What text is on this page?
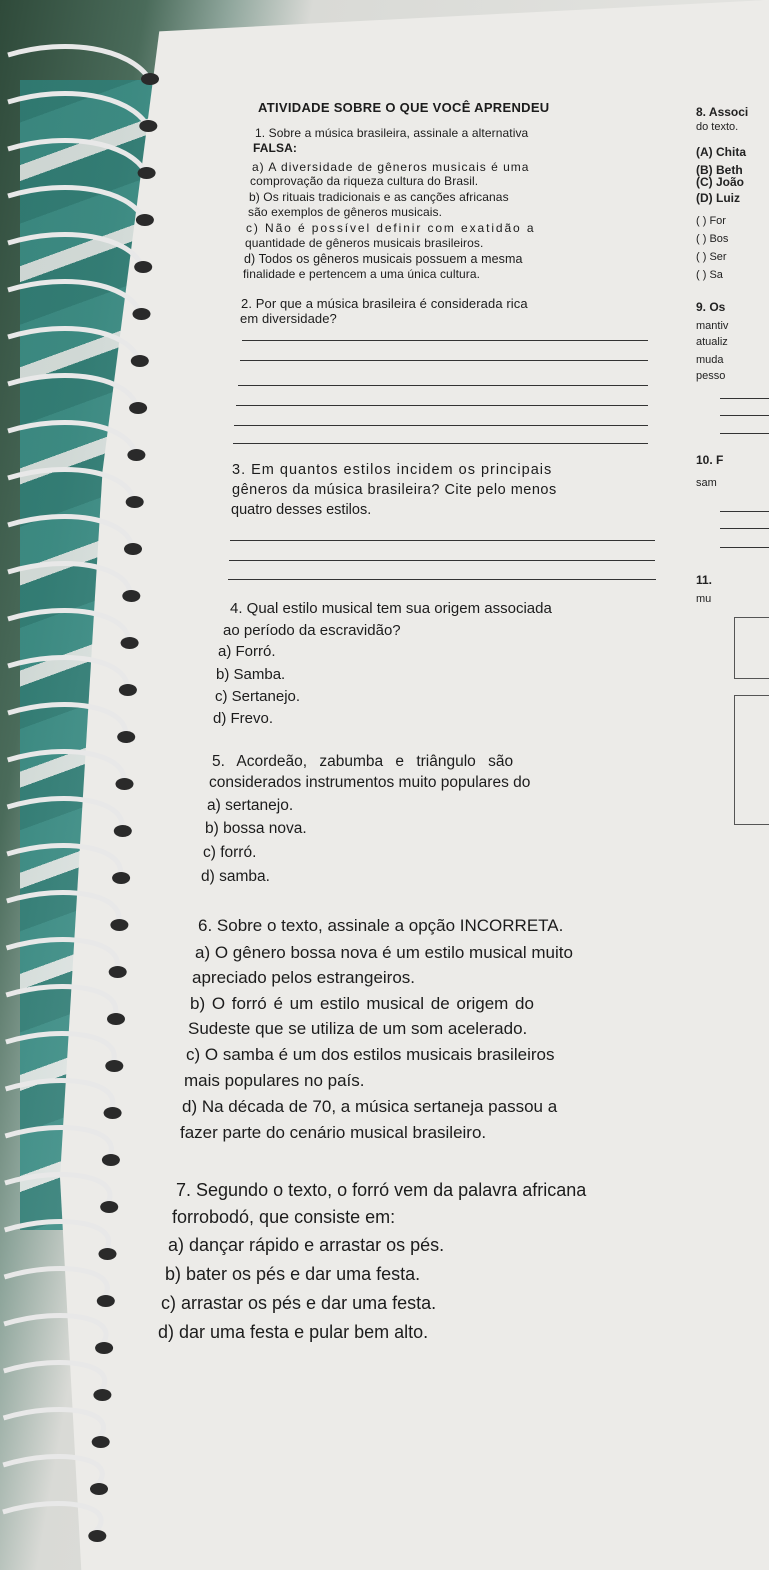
8. Associ
do texto.
(A) Chita
(B) Beth
(C) João
(D) Luiz
( ) For
( ) Bos
( ) Ser
( ) Sa
9. Os
mantiv
atualiz
muda
pesso
10. F
sam
11.
mu
ATIVIDADE SOBRE O QUE VOCÊ APRENDEU
1. Sobre a música brasileira, assinale a alternativa
FALSA:
a) A diversidade de gêneros musicais é uma
comprovação da riqueza cultura do Brasil.
b) Os rituais tradicionais e as canções africanas
são exemplos de gêneros musicais.
c) Não é possível definir com exatidão a
quantidade de gêneros musicais brasileiros.
d) Todos os gêneros musicais possuem a mesma
finalidade e pertencem a uma única cultura.
2. Por que a música brasileira é considerada rica
em diversidade?
3. Em quantos estilos incidem os principais
gêneros da música brasileira? Cite pelo menos
quatro desses estilos.
4. Qual estilo musical tem sua origem associada
ao período da escravidão?
a) Forró.
b) Samba.
c) Sertanejo.
d) Frevo.
5. Acordeão, zabumba e triângulo são
considerados instrumentos muito populares do
a) sertanejo.
b) bossa nova.
c) forró.
d) samba.
6. Sobre o texto, assinale a opção INCORRETA.
a) O gênero bossa nova é um estilo musical muito
apreciado pelos estrangeiros.
b) O forró é um estilo musical de origem do
Sudeste que se utiliza de um som acelerado.
c) O samba é um dos estilos musicais brasileiros
mais populares no país.
d) Na década de 70, a música sertaneja passou a
fazer parte do cenário musical brasileiro.
7. Segundo o texto, o forró vem da palavra africana
forrobodó, que consiste em:
a) dançar rápido e arrastar os pés.
b) bater os pés e dar uma festa.
c) arrastar os pés e dar uma festa.
d) dar uma festa e pular bem alto.
